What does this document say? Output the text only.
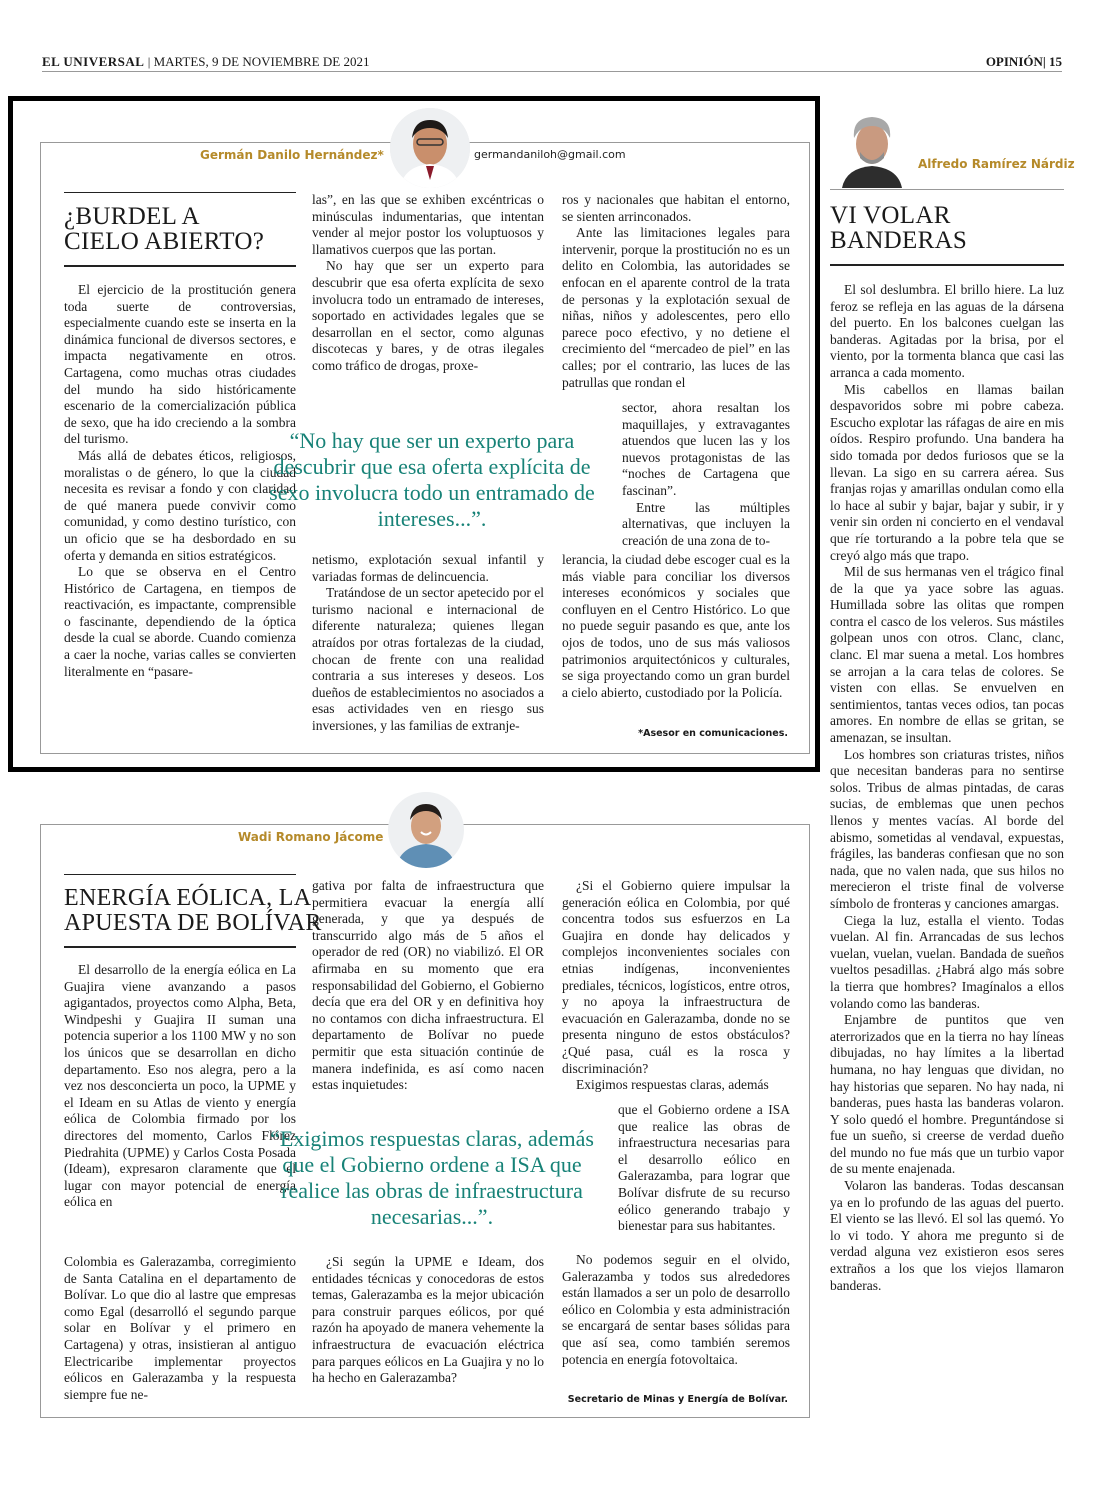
EL UNIVERSAL | MARTES, 9 DE NOVIEMBRE DE 2021	OPINIÓN| 15
Germán Danilo Hernández*	germandaniloh@gmail.com
¿BURDEL A
CIELO ABIERTO?

El ejercicio de la prostitución genera toda suerte de controversias, especialmente cuando este se inserta en la dinámica funcional de diversos sectores, e impacta negativamente en otros. Cartagena, como muchas otras ciudades del mundo ha sido históricamente escenario de la comercialización pública de sexo, que ha ido creciendo a la sombra del turismo.

Más allá de debates éticos, religiosos, moralistas o de género, lo que la ciudad necesita es revisar a fondo y con claridad de qué manera puede convivir como comunidad, y como destino turístico, con un oficio que se ha desbordado en su oferta y demanda en sitios estratégicos.

Lo que se observa en el Centro Histórico de Cartagena, en tiempos de reactivación, es impactante, comprensible o fascinante, dependiendo de la óptica desde la cual se aborde. Cuando comienza a caer la noche, varias calles se convierten literalmente en “pasare-

las”, en las que se exhiben excéntricas o minúsculas indumentarias, que intentan vender al mejor postor los voluptuosos y llamativos cuerpos que las portan.

No hay que ser un experto para descubrir que esa oferta explícita de sexo involucra todo un entramado de intereses, soportado en actividades legales que se desarrollan en el sector, como algunas discotecas y bares, y de otras ilegales como tráfico de drogas, proxe-

“No hay que ser un experto para descubrir que esa oferta explícita de sexo involucra todo un entramado de intereses...”.

netismo, explotación sexual infantil y variadas formas de delincuencia.

Tratándose de un sector apetecido por el turismo nacional e internacional de diferente naturaleza; quienes llegan atraídos por otras fortalezas de la ciudad, chocan de frente con una realidad contraria a sus intereses y deseos. Los dueños de establecimientos no asociados a esas actividades ven en riesgo sus inversiones, y las familias de extranje-

ros y nacionales que habitan el entorno, se sienten arrinconados.

Ante las limitaciones legales para intervenir, porque la prostitución no es un delito en Colombia, las autoridades se enfocan en el aparente control de la trata de personas y la explotación sexual de niñas, niños y adolescentes, pero ello parece poco efectivo, y no detiene el crecimiento del “mercadeo de piel” en las calles; por el contrario, las luces de las patrullas que rondan el

sector, ahora resaltan los maquillajes, y extravagantes atuendos que lucen las y los nuevos protagonistas de las “noches de Cartagena que fascinan”.

Entre las múltiples alternativas, que incluyen la creación de una zona de to-

lerancia, la ciudad debe escoger cual es la más viable para conciliar los diversos intereses económicos y sociales que confluyen en el Centro Histórico. Lo que no puede seguir pasando es que, ante los ojos de todos, uno de sus más valiosos patrimonios arquitectónicos y culturales, se siga proyectando como un gran burdel a cielo abierto, custodiado por la Policía.

*Asesor en comunicaciones.
Wadi Romano Jácome
ENERGÍA EÓLICA, LA
APUESTA DE BOLÍVAR

El desarrollo de la energía eólica en La Guajira viene avanzando a pasos agigantados, proyectos como Alpha, Beta, Windpeshi y Guajira II suman una potencia superior a los 1100 MW y no son los únicos que se desarrollan en dicho departamento. Eso nos alegra, pero a la vez nos desconcierta un poco, la UPME y el Ideam en su Atlas de viento y energía eólica de Colombia firmado por los directores del momento, Carlos Flórez Piedrahita (UPME) y Carlos Costa Posada (Ideam), expresaron claramente que el lugar con mayor potencial de energía eólica en

Colombia es Galerazamba, corregimiento de Santa Catalina en el departamento de Bolívar. Lo que dio al lastre que empresas como Egal (desarrolló el segundo parque solar en Bolívar y el primero en Cartagena) y otras, insistieran al antiguo Electricaribe implementar proyectos eólicos en Galerazamba y la respuesta siempre fue ne-

gativa por falta de infraestructura que permitiera evacuar la energía allí generada, y que ya después de transcurrido algo más de 5 años el operador de red (OR) no viabilizó. El OR afirmaba en su momento que era responsabilidad del Gobierno, el Gobierno decía que era del OR y en definitiva hoy no contamos con dicha infraestructura. El departamento de Bolívar no puede permitir que esta situación continúe de manera indefinida, es así como nacen estas inquietudes:

“Exigimos respuestas claras, además que el Gobierno ordene a ISA que realice las obras de infraestructura necesarias...”.

¿Si según la UPME e Ideam, dos entidades técnicas y conocedoras de estos temas, Galerazamba es la mejor ubicación para construir parques eólicos, por qué razón ha apoyado de manera vehemente la infraestructura de evacuación eléctrica para parques eólicos en La Guajira y no lo ha hecho en Galerazamba?

¿Si el Gobierno quiere impulsar la generación eólica en Colombia, por qué concentra todos sus esfuerzos en La Guajira en donde hay delicados y complejos inconvenientes sociales con etnias indígenas, inconvenientes prediales, técnicos, logísticos, entre otros, y no apoya la infraestructura de evacuación en Galerazamba, donde no se presenta ninguno de estos obstáculos? ¿Qué pasa, cuál es la rosca y discriminación?

Exigimos respuestas claras, además

que el Gobierno ordene a ISA que realice las obras de infraestructura necesarias para el desarrollo eólico en Galerazamba, para lograr que Bolívar disfrute de su recurso eólico generando trabajo y bienestar para sus habitantes.

No podemos seguir en el olvido, Galerazamba y todos sus alrededores están llamados a ser un polo de desarrollo eólico en Colombia y esta administración se encargará de sentar bases sólidas para que así sea, como también seremos potencia en energía fotovoltaica.

Secretario de Minas y Energía de Bolívar.
Alfredo Ramírez Nárdiz
VI VOLAR
BANDERAS

El sol deslumbra. El brillo hiere. La luz feroz se refleja en las aguas de la dársena del puerto. En los balcones cuelgan las banderas. Agitadas por la brisa, por el viento, por la tormenta blanca que casi las arranca a cada momento.

Mis cabellos en llamas bailan despavoridos sobre mi pobre cabeza. Escucho explotar las ráfagas de aire en mis oídos. Respiro profundo. Una bandera ha sido tomada por dedos furiosos que se la llevan. La sigo en su carrera aérea. Sus franjas rojas y amarillas ondulan como ella lo hace al subir y bajar, bajar y subir, ir y venir sin orden ni concierto en el vendaval que ríe torturando a la pobre tela que se creyó algo más que trapo.

Mil de sus hermanas ven el trágico final de la que ya yace sobre las aguas. Humillada sobre las olitas que rompen contra el casco de los veleros. Sus mástiles golpean unos con otros. Clanc, clanc, clanc. El mar suena a metal. Los hombres se arrojan a la cara telas de colores. Se visten con ellas. Se envuelven en sentimientos, tantas veces odios, tan pocas amores. En nombre de ellas se gritan, se amenazan, se insultan.

Los hombres son criaturas tristes, niños que necesitan banderas para no sentirse solos. Tribus de almas pintadas, de caras sucias, de emblemas que unen pechos llenos y mentes vacías. Al borde del abismo, sometidas al vendaval, expuestas, frágiles, las banderas confiesan que no son nada, que no valen nada, que sus hilos no merecieron el triste final de volverse símbolo de fronteras y canciones amargas.

Ciega la luz, estalla el viento. Todas vuelan. Al fin. Arrancadas de sus lechos vuelan, vuelan, vuelan. Bandada de sueños vueltos pesadillas. ¿Habrá algo más sobre la tierra que hombres? Imagínalos a ellos volando como las banderas.

Enjambre de puntitos que ven aterrorizados que en la tierra no hay líneas dibujadas, no hay límites a la libertad humana, no hay lenguas que dividan, no hay historias que separen. No hay nada, ni banderas, pues hasta las banderas volaron. Y solo quedó el hombre. Preguntándose si fue un sueño, si creerse de verdad dueño del mundo no fue más que un turbio vapor de su mente enajenada.

Volaron las banderas. Todas descansan ya en lo profundo de las aguas del puerto. El viento se las llevó. El sol las quemó. Yo lo vi todo. Y ahora me pregunto si de verdad alguna vez existieron esos seres extraños a los que los viejos llamaron banderas.
